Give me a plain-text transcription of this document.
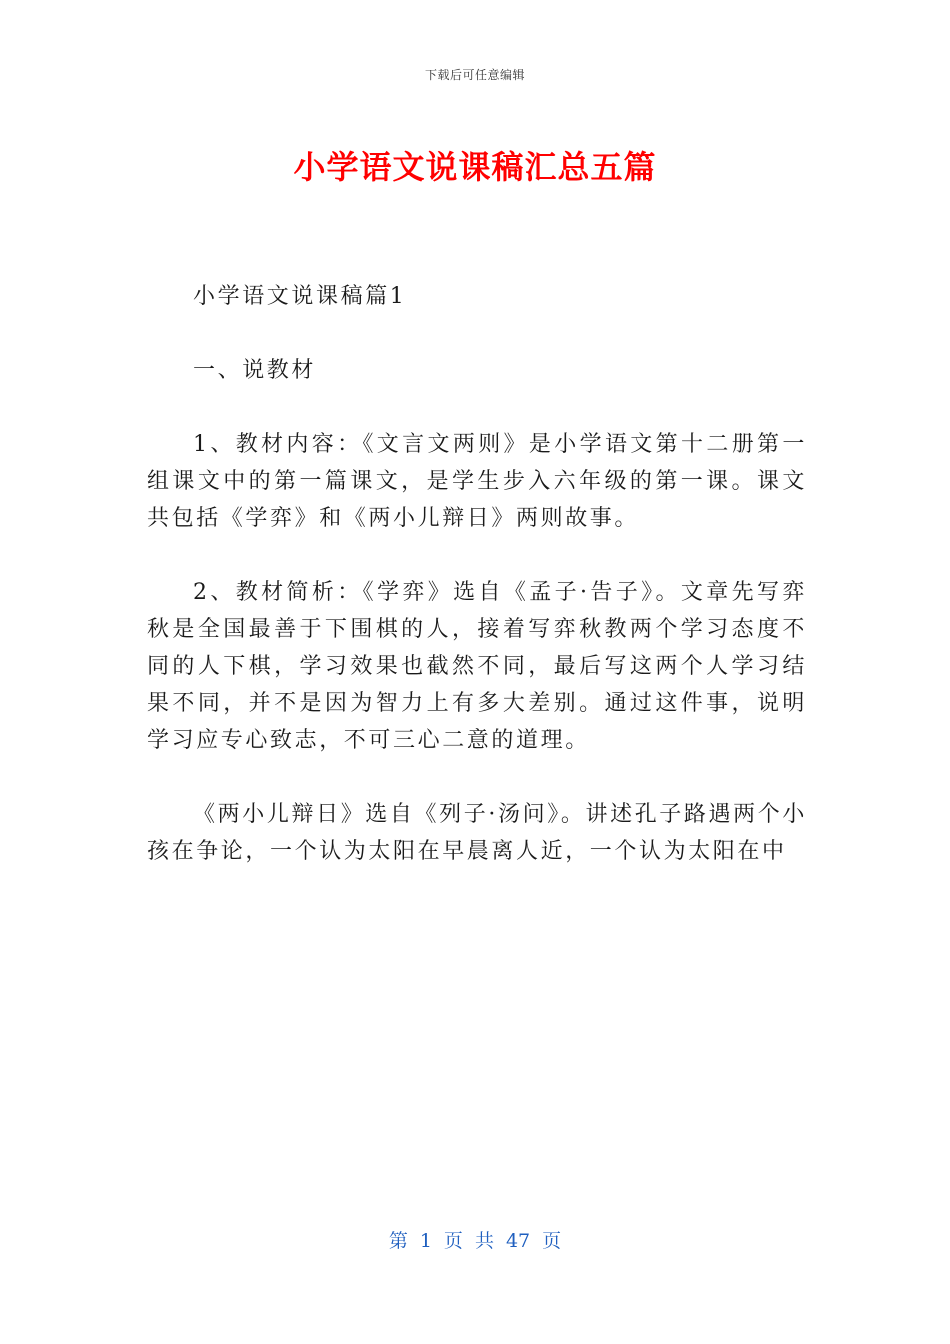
下载后可任意编辑
小学语文说课稿汇总五篇

小学语文说课稿篇1

一、说教材

1、教材内容：《文言文两则》是小学语文第十二册第一组课文中的第一篇课文，是学生步入六年级的第一课。课文共包括《学弈》和《两小儿辩日》两则故事。

2、教材简析：《学弈》选自《孟子·告子》。文章先写弈秋是全国最善于下围棋的人，接着写弈秋教两个学习态度不同的人下棋，学习效果也截然不同，最后写这两个人学习结果不同，并不是因为智力上有多大差别。通过这件事，说明学习应专心致志，不可三心二意的道理。

《两小儿辩日》选自《列子·汤问》。讲述孔子路遇两个小孩在争论，一个认为太阳在早晨离人近，一个认为太阳在中

第 1 页 共 47 页
